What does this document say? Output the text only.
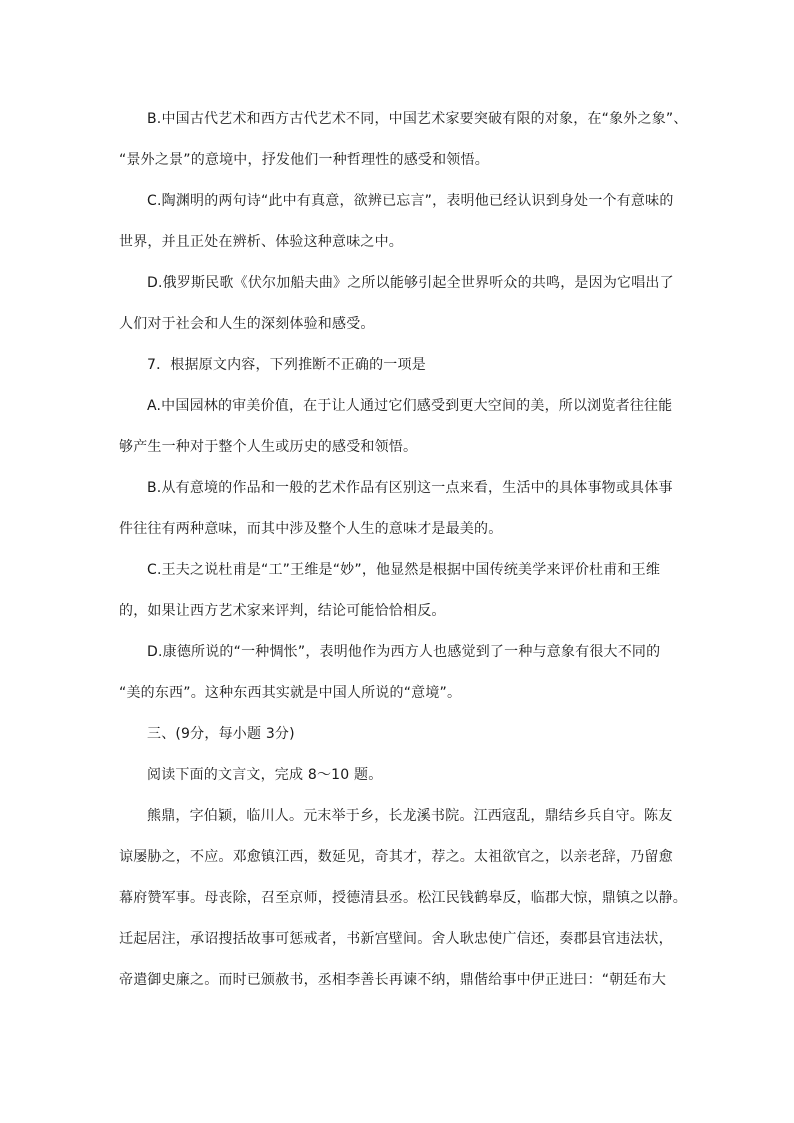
B.中国古代艺术和西方古代艺术不同，中国艺术家要突破有限的对象，在“象外之象”、
“景外之景”的意境中，抒发他们一种哲理性的感受和领悟。
C.陶渊明的两句诗“此中有真意，欲辨已忘言”，表明他已经认识到身处一个有意味的
世界，并且正处在辨析、体验这种意味之中。
D.俄罗斯民歌《伏尔加船夫曲》之所以能够引起全世界听众的共鸣，是因为它唱出了
人们对于社会和人生的深刻体验和感受。
7．根据原文内容，下列推断不正确的一项是
A.中国园林的审美价值，在于让人通过它们感受到更大空间的美，所以浏览者往往能
够产生一种对于整个人生或历史的感受和领悟。
B.从有意境的作品和一般的艺术作品有区别这一点来看，生活中的具体事物或具体事
件往往有两种意味，而其中涉及整个人生的意味才是最美的。
C.王夫之说杜甫是“工”王维是“妙”，他显然是根据中国传统美学来评价杜甫和王维
的，如果让西方艺术家来评判，结论可能恰恰相反。
D.康德所说的“一种惆怅”，表明他作为西方人也感觉到了一种与意象有很大不同的
“美的东西”。这种东西其实就是中国人所说的“意境”。
三、(9分，每小题 3分)
阅读下面的文言文，完成 8～10 题。
熊鼎，字伯颖，临川人。元末举于乡，长龙溪书院。江西寇乱，鼎结乡兵自守。陈友
谅屡胁之，不应。邓愈镇江西，数延见，奇其才，荐之。太祖欲官之，以亲老辞，乃留愈
幕府赞军事。母丧除，召至京师，授德清县丞。松江民钱鹤皋反，临郡大惊，鼎镇之以静。
迁起居注，承诏搜括故事可惩戒者，书新宫壁间。舍人耿忠使广信还，奏郡县官违法状，
帝遣御史廉之。而时已颁赦书，丞相李善长再谏不纳，鼎偕给事中伊正进曰：“朝廷布大
